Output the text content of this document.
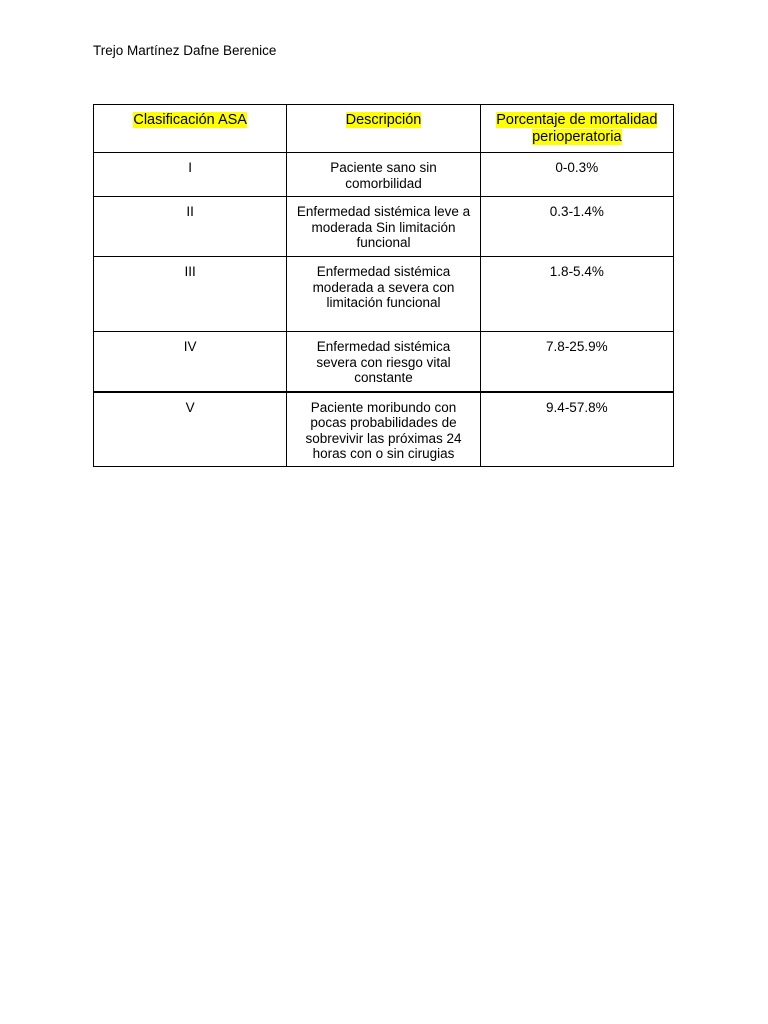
Trejo Martínez Dafne Berenice
Clasificación ASA	Descripción	Porcentaje de mortalidad perioperatoria
I	Paciente sano sin comorbilidad	0-0.3%
II	Enfermedad sistémica leve a moderada Sin limitación funcional	0.3-1.4%
III	Enfermedad sistémica moderada a severa con limitación funcional	1.8-5.4%
IV	Enfermedad sistémica severa con riesgo vital constante	7.8-25.9%
V	Paciente moribundo con pocas probabilidades de sobrevivir las próximas 24 horas con o sin cirugias	9.4-57.8%
